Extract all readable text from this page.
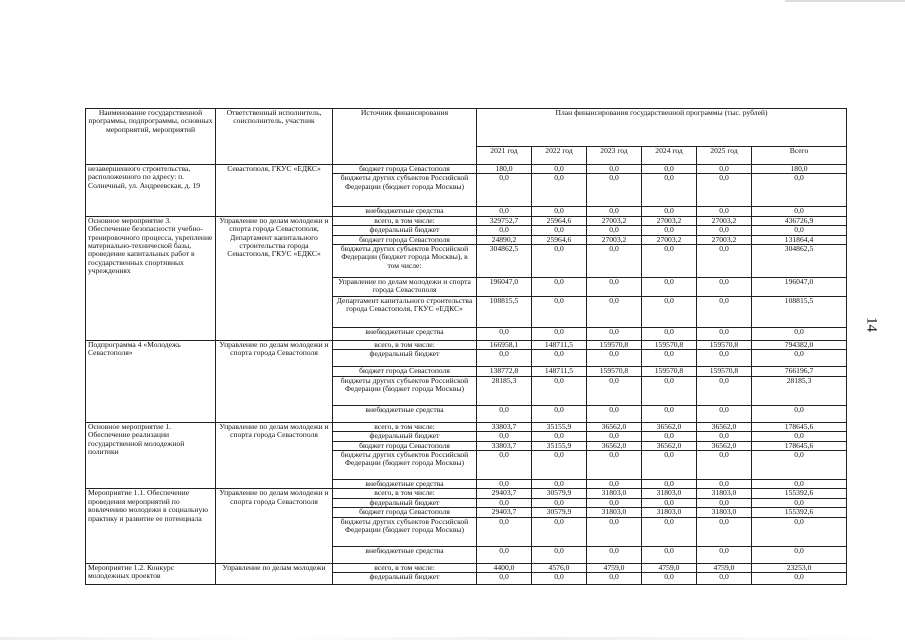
14
Наименование государственной программы, подпрограммы, основных мероприятий, мероприятий	Ответственный исполнитель, соисполнитель, участник	Источник финансирования	План финансирования государственной программы (тыс. рублей)					
			2021 год	2022 год	2023 год	2024 год	2025 год	Всего
незавершенного строительства, расположенного по адресу: п. Солнечный, ул. Андреевская, д. 19	Севастополя, ГКУС «ЕДКС»	бюджет города Севастополя	180,0	0,0	0,0	0,0	0,0	180,0
		бюджеты других субъектов Российской Федерации (бюджет города Москвы)	0,0	0,0	0,0	0,0	0,0	0,0
		внебюджетные средства	0,0	0,0	0,0	0,0	0,0	0,0
Основное мероприятие 3. Обеспечение безопасности учебно-тренировочного процесса, укрепление материально-технической базы, проведение капитальных работ в государственных спортивных учреждениях	Управление по делам молодежи и спорта города Севастополя, Департамент капитального строительства города Севастополя, ГКУС «ЕДКС»	всего, в том числе:	329752,7	25964,6	27003,2	27003,2	27003,2	436726,9
		федеральный бюджет	0,0	0,0	0,0	0,0	0,0	0,0
		бюджет города Севастополя	24890,2	25964,6	27003,2	27003,2	27003,2	131864,4
		бюджеты других субъектов Российской Федерации (бюджет города Москвы), в том числе:	304862,5	0,0	0,0	0,0	0,0	304862,5
		Управление по делам молодежи и спорта города Севастополя	196047,0	0,0	0,0	0,0	0,0	196047,0
		Департамент капитального строительства города Севастополя, ГКУС «ЕДКС»	108815,5	0,0	0,0	0,0	0,0	108815,5
		внебюджетные средства	0,0	0,0	0,0	0,0	0,0	0,0
Подпрограмма 4 «Молодежь Севастополя»	Управление по делам молодежи и спорта города Севастополя	всего, в том числе:	166958,1	148711,5	159570,8	159570,8	159570,8	794382,0
		федеральный бюджет	0,0	0,0	0,0	0,0	0,0	0,0
		бюджет города Севастополя	138772,8	148711,5	159570,8	159570,8	159570,8	766196,7
		бюджеты других субъектов Российской Федерации (бюджет города Москвы)	28185,3	0,0	0,0	0,0	0,0	28185,3
		внебюджетные средства	0,0	0,0	0,0	0,0	0,0	0,0
Основное мероприятие 1. Обеспечение реализации государственной молодежной политики	Управление по делам молодежи и спорта города Севастополя	всего, в том числе:	33803,7	35155,9	36562,0	36562,0	36562,0	178645,6
		федеральный бюджет	0,0	0,0	0,0	0,0	0,0	0,0
		бюджет города Севастополя	33803,7	35155,9	36562,0	36562,0	36562,0	178645,6
		бюджеты других субъектов Российской Федерации (бюджет города Москвы)	0,0	0,0	0,0	0,0	0,0	0,0
		внебюджетные средства	0,0	0,0	0,0	0,0	0,0	0,0
Мероприятие 1.1. Обеспечение проведения мероприятий по вовлечению молодежи в социальную практику и развитие ее потенциала	Управление по делам молодежи и спорта города Севастополя	всего, в том числе:	29403,7	30579,9	31803,0	31803,0	31803,0	155392,6
		федеральный бюджет	0,0	0,0	0,0	0,0	0,0	0,0
		бюджет города Севастополя	29403,7	30579,9	31803,0	31803,0	31803,0	155392,6
		бюджеты других субъектов Российской Федерации (бюджет города Москвы)	0,0	0,0	0,0	0,0	0,0	0,0
		внебюджетные средства	0,0	0,0	0,0	0,0	0,0	0,0
Мероприятие 1.2. Конкурс молодежных проектов	Управление по делам молодежи	всего, в том числе:	4400,0	4576,0	4759,0	4759,0	4759,0	23253,0
		федеральный бюджет	0,0	0,0	0,0	0,0	0,0	0,0
